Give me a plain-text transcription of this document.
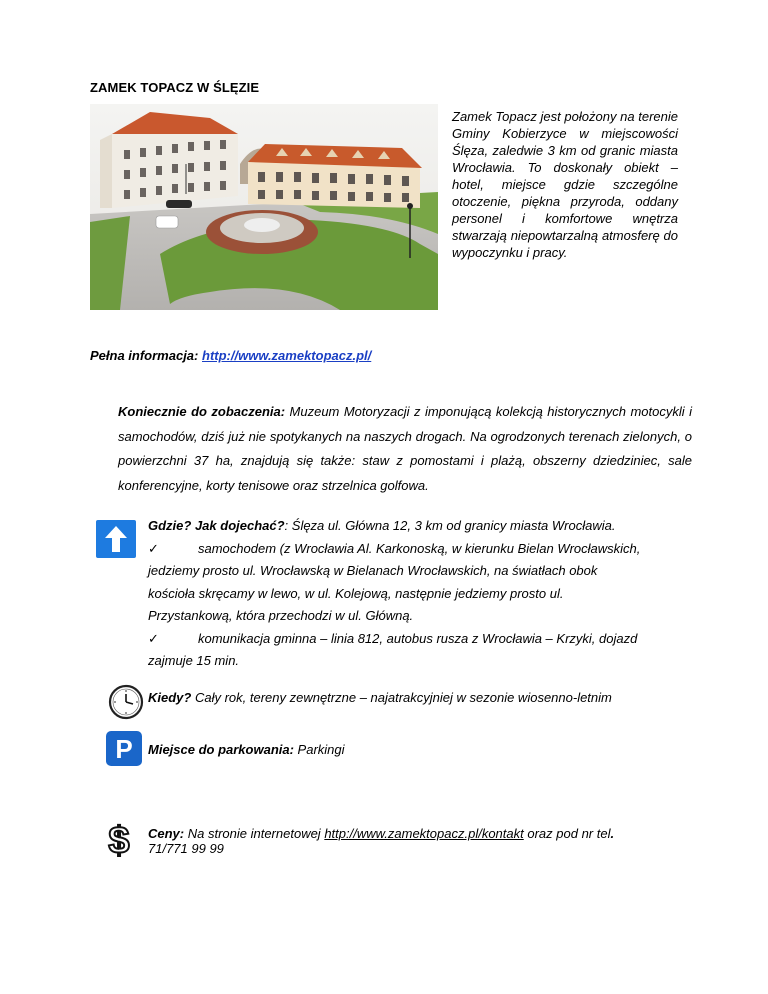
ZAMEK TOPACZ W ŚLĘZIE
Zamek Topacz jest położony na terenie Gminy Kobierzyce w miejscowości Ślęza, zaledwie 3 km od granic miasta Wrocławia. To doskonały obiekt – hotel, miejsce gdzie szczególne otoczenie, piękna przyroda, oddany personel i komfortowe wnętrza stwarzają niepowtarzalną atmosferę do wypoczynku i pracy.
Pełna informacja: http://www.zamektopacz.pl/
Koniecznie do zobaczenia: Muzeum Motoryzacji z imponującą kolekcją historycznych motocykli i samochodów, dziś już nie spotykanych na naszych drogach. Na ogrodzonych terenach zielonych, o powierzchni 37 ha, znajdują się także: staw z pomostami i plażą, obszerny dziedziniec, sale konferencyjne, korty tenisowe oraz strzelnica golfowa.

Gdzie? Jak dojechać?: Ślęza ul. Główna 12, 3 km od granicy miasta Wrocławia.

✓	samochodem (z Wrocławia Al. Karkonoską, w kierunku Bielan Wrocławskich,
jedziemy prosto ul. Wrocławską w Bielanach Wrocławskich, na światłach obok kościoła skręcamy w lewo, w ul. Kolejową, następnie jedziemy prosto ul. Przystankową, która przechodzi w ul. Główną.

✓	komunikacja gminna – linia 812, autobus rusza z Wrocławia – Krzyki, dojazd
zajmuje 15 min.

Kiedy? Cały rok, tereny zewnętrzne – najatrakcyjniej w sezonie wiosenno-letnim
P Miejsce do parkowania: Parkingi
$ Ceny: Na stronie internetowej http://www.zamektopacz.pl/kontakt oraz pod nr tel.
71/771 99 99
